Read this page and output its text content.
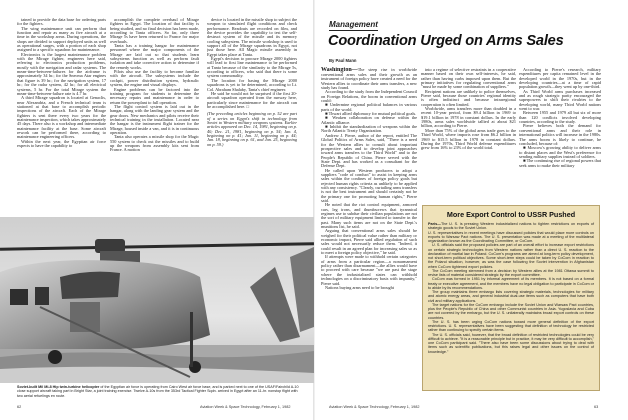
tained to provide the data base for ordering parts for the fighters.

The wing maintenance unit can perform that function and repair as many as five aircraft at a time in the workshop areas. During operations, the shops are divided to support deployed units as well as operational surges, with a portion of each shop assigned to a specific squadron for maintenance.

Electronics is the largest maintenance problem with the Mirage fighter, engineers here said, referring to electronics production problems, mostly with the navigation and radar systems. The mean-time-between-failures for the airframe is approximately 34 hr.; for the Snecma Atar engines that figure is 39 hr.; for the navigation system, 17 hr.; for the radar system, 42 hr.; for all electrical systems, 5 hr. For the total Mirage system the mean-time-between-failure rate is 4.7 hr.

A third Mirage squadron is located at Genaclis, near Alexandria, and a French technical team is stationed at that base to accomplish periodic inspections of the aircraft. Each of the Mirage fighters is sent there every two years for the maintenance inspection, which takes approximately 45 days. There also is a workshop and intermediate maintenance facility at the base. Some aircraft rework can be performed there, according to maintenance engineering officers.

Within the next year, the Egyptian air force expects to have the capability to

accomplish the complete overhaul of Mirage fighters in Egypt. The location of that facility is being studied, and no final decision has been made, according to Tanta officers. So far, only three Mirage 5s have been returned to France for major overhauls.

Tanta has a training hangar for maintenance personnel where the major components of the Mirage are laid out so that students learn subsystems function as well as perform fault isolation and take corrective action to determine if the remedy works.

Pilots also use the facility to become familiar with the aircraft. The subsystems include the cockpit, power distribution system, hydraulic system, the engine and visual displays.

Engine problems can be factored into the training program for students to determine the necessary repairs and maintenance in order to return the powerplant to full operation.

The flight control system is laid out in the hangar, along with the landing gear system and the gear doors. New mechanics and pilots receive their technical training in the installation. Located near the hangar is the instrument flight trainer for the Mirage, housed inside a van, and it is in continuous operation.

Tanta also operates a missile shop for the Magic 550 system to check out the missiles and to build up the weapons from assembly kits sent from France. A motion

device is located in the missile shop to subject the weapon to simulated flight conditions and check performance. Readouts are recorded on film, and the device provides the capability to test the self-destruct system of the missile and its memory cooling subsystem. The missile workshop is used to support all of the Mirage squadrons in Egypt, not just those here. All Magic missile assembly in Egypt takes place at Tanta.

Egypt's decision to procure Mirage 2000 fighters will lead to first line maintenance to be performed at Tanta because of the similarity to the Mirage 5s, according to officers, who said that there is some system commonality.

The location for basing the Mirage 2000 squadrons is yet to be determined, according to Lt. Col. Abraham Shalaby, Tanta's chief engineer.

He said he would not be surprised if the first 20-aircraft squadron operated from the runway here, particularly since maintenance for the aircraft can be accomplished here. □

(The preceding articles beginning on p. 52 are part of a series on Egypt's shift in technology from Soviet to Western military weapons systems. Earlier articles appeared on Dec. 14, 1981, beginning on p. 40; Dec. 21, 1981, beginning on p. 54; Jan. 4, beginning on p. 41; Jan. 11, beginning on p. 44; Jan. 18, beginning on p. 61, and Jan. 25, beginning on p. 59.)

Soviet-built Mil Mi-8 Hip twin-turbine helicopter of the Egyptian air force is operating from Cairo West air force base, and is parked next to one of the USAF/Fairchild A-10 close support aircraft taking part in Bright Star, a joint training exercise. Twelve A-10s from the 353rd Tactical Fighter Sqdn. arrived in Egypt after an 11-hr. nonstop flight with two aerial refuelings en route.
62	Aviation Week & Space Technology, February 1, 1982
Management
Coordination Urged on Arms Sales
By Paul Mann

Washington—The steep rise in worldwide conventional arms sales and their growth as an instrument of foreign policy have created a need for the Western allies to coordinate their arms transfers, a new study has found.

According to the study from the Independent Council on Foreign Relations, the boom in conventional arms could:

■ Undermine regional political balances in various parts of the world.

■ Thwart allied diplomacy for mutual political goals.

■ Weaken collaboration on defense within the Atlantic alliance.

■ Inhibit the standardization of weapons within the North Atlantic Treaty Organization.

Andrew J. Pierre, author of the report, entitled The Global Politics of Arms Sales, said, "There is a need for the Western allies to consult about important prospective sales and to develop joint approaches toward arms transfers to the Third World" and to the People's Republic of China. Pierre served with the State Dept. and has worked as a consultant for the Defense Dept.

He called upon Western producers to adopt a suppliers "code of conduct" to assist in keeping arms sales within the confines of foreign policy goals but rejected human rights criteria as unlikely to be applied with any consistency. "Clearly, curtailing arms transfers is not the best instrument and should certainly not be the primary one for promoting human rights," Pierre said.

He noted that the riot control equipment, armored cars, leg irons, and thumbscrews that tyrannical regimes use to subdue their civilian populations are not the sort of military equipment limited to transfer in the past. Many such items are not on the State Dept.'s munitions list, he said.

Arguing that conventional arms sales should be weighed for their political value rather than military or economic impact, Pierre said allied regulation of such sales would not necessarily reduce them. "Indeed, it could result in an agreed plan for increasing sales so as to meet a foreign policy objective," he said.

If attempts were made to withhold certain categories of arms from a particular region—a nonarmament policy rather than disarmament—the allies would have to proceed with care because "we are past the stage where the industrialized states can withhold technologies on a discriminatory basis with impunity," Pierre said.

Nations buying arms need to be brought

into a regime of selective restraints in a cooperative manner based on their own self-interests, he said, rather than having curbs imposed upon them. But the primary initiatives for regulating conventional arms "must be made by some combination of suppliers."

Recipient nations are unlikely to police themselves, Pierre said, because those countries' regional identity is often indistinct and because intraregional cooperation is often limited.

Worldwide, arms transfers more than doubled in a recent 10-year period, from $9.4 billion in 1969 to $19.1 billion in 1978 in constant dollars. In the early 1980s, arms sales worldwide tallied at about $21 billion, according to Pierre.

More than 75% of the global arms trade goes to the Third World, where imports rose from $6.2 billion in 1969 to $15.5 billion in 1978 in constant dollars. During the 1970s, Third World defense expenditures grew from 16% to 23% of the world total.

According to Pierre's research, military expenditures per capita remained level in the developed world in the 1970s, but in the developing countries—at a time of rapid population growth—they went up by one-third.

As Third World arms purchases increased and as rough strategic parity encouraged the superpowers to shift their rivalries to the developing world, many Third World nations went to war.

Between 1955 and 1979 all but six of more than 120 conflicts involved developing countries, according to the study.

Pierre believes both the demand for conventional arms and their role in international politics will increase in the 1980s. The arms boom is likely to continue, he concluded, because of:

■ Moscow's growing ability to deliver arms to distant places and the West's preference for sending military supplies instead of soldiers.

■ The continuing rise of regional powers that seek arms to make their military

More Export Control to USSR Pushed

Paris—The U. S. is pressing Western industrialized nations to tighten restrictions on exports of strategic goods to the Soviet Union.

U. S. representatives in recent meetings have discussed policies that would place more controls on exports to Warsaw Pact nations. The U. S. presentation was made at a meeting of the multilateral organization known as the Coordinating Committee, or CoCom.

U. S. officials said the proposed policies are part of an overall effort to increase export restrictions on certain strategic technologies from Western nations rather than a direct U. S. reaction to the declaration of martial law in Poland. CoCom's programs are aimed at long-term policy development, not short-term political objectives. Some short-term steps could be taken by CoCom in reaction to the Poland situation, however, as was the case following the Soviet intervention in Afghanistan when CoCom tightened export policies.

The CoCom meeting stemmed from a decision by Western allies at the 1981 Ottawa summit to revise lists of material considered strategic by the export committee.

CoCom was formed in 1951 by informal agreement of its members. It is not based on a formal treaty or executive agreement, and the members have no legal obligation to participate in CoCom or to abide by its recommendations.

The group maintains three embargo lists covering strategic materials, technologies for military and atomic energy areas, and general industrial dual-use items such as computers that have both civil and military applications.

The target nations for the CoCom embargo include the Soviet Union and Warsaw Pact countries, plus the People's Republic of China and other Communist countries in Asia. Yugoslavia and Cuba are not covered by the embargo, but the U. S. unilaterally maintains broad export controls on these countries.

The U. S. has been urging CoCom nations toward more general definition of the export restrictions. U. S. representatives have been suggesting that definition of technology be restricted rather than continuing to specify certain items.

The U. S. officials said, however, that the broad definition of restricted technologies could be very difficult to achieve. "It is a reasonable principle but in practice, it may be very difficult to accomplish," one CoCom participant said. "There also have been some discussions about trying to deal with items such as scientific publications, but this raises legal and other issues on the control of knowledge."

Aviation Week & Space Technology, February 1, 1982	63
